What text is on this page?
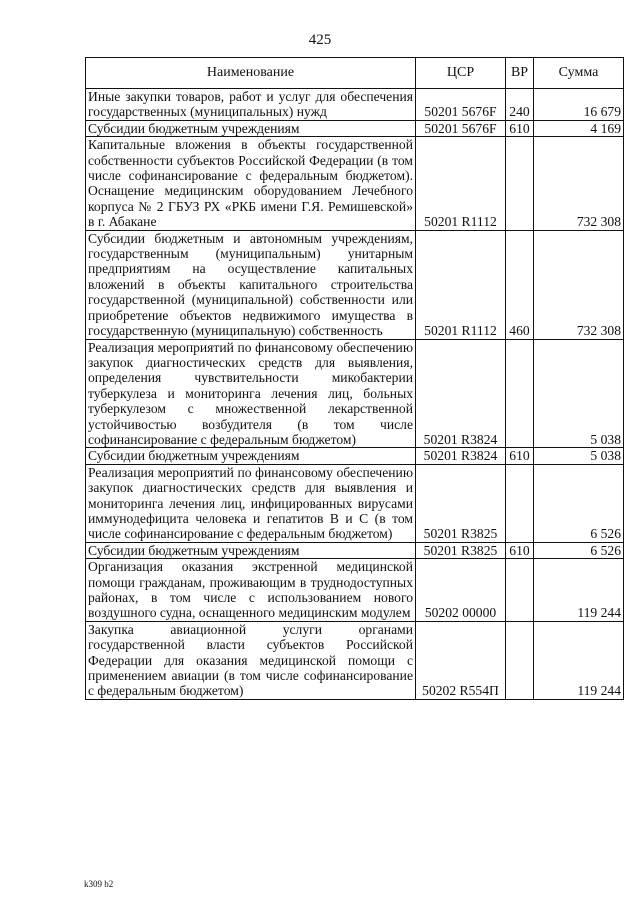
425
Наименование	ЦСР	ВР	Сумма
Иные закупки товаров, работ и услуг для обеспечения государственных (муниципальных) нужд	50201 5676F	240	16 679
Субсидии бюджетным учреждениям	50201 5676F	610	4 169
Капитальные вложения в объекты государственной собственности субъектов Российской Федерации (в том числе софинансирование с федеральным бюджетом). Оснащение медицинским оборудованием Лечебного корпуса № 2 ГБУЗ РХ «РКБ имени Г.Я. Ремишевской» в г. Абакане	50201 R1112		732 308
Субсидии бюджетным и автономным учреждениям, государственным (муниципальным) унитарным предприятиям на осуществление капитальных вложений в объекты капитального строительства государственной (муниципальной) собственности или приобретение объектов недвижимого имущества в государственную (муниципальную) собственность	50201 R1112	460	732 308
Реализация мероприятий по финансовому обеспечению закупок диагностических средств для выявления, определения чувствительности микобактерии туберкулеза и мониторинга лечения лиц, больных туберкулезом с множественной лекарственной устойчивостью возбудителя (в том числе софинансирование с федеральным бюджетом)	50201 R3824		5 038
Субсидии бюджетным учреждениям	50201 R3824	610	5 038
Реализация мероприятий по финансовому обеспечению закупок диагностических средств для выявления и мониторинга лечения лиц, инфицированных вирусами иммунодефицита человека и гепатитов В и С (в том числе софинансирование с федеральным бюджетом)	50201 R3825		6 526
Субсидии бюджетным учреждениям	50201 R3825	610	6 526
Организация оказания экстренной медицинской помощи гражданам, проживающим в труднодоступных районах, в том числе с использованием нового воздушного судна, оснащенного медицинским модулем	50202 00000		119 244
Закупка авиационной услуги органами государственной власти субъектов Российской Федерации для оказания медицинской помощи с применением авиации (в том числе софинансирование с федеральным бюджетом)	50202 R554П		119 244
k309 b2
